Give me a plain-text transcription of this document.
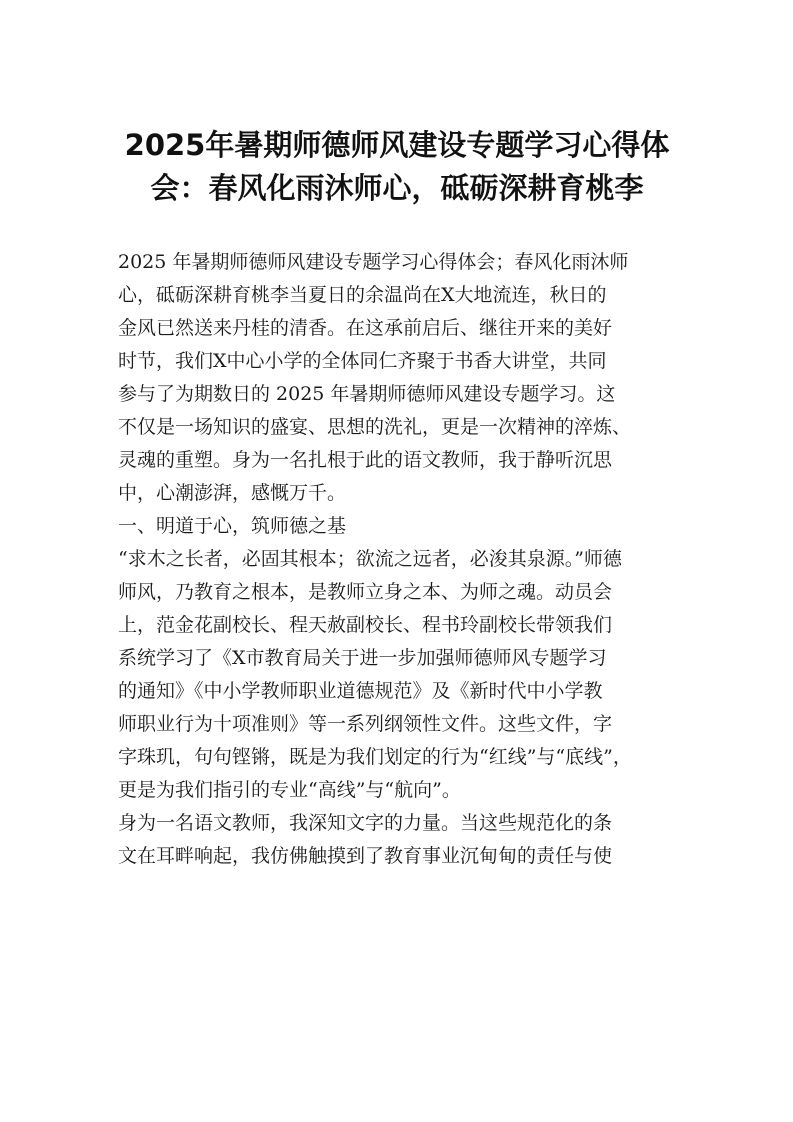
2025年暑期师德师风建设专题学习心得体
会：春风化雨沐师心，砥砺深耕育桃李

2025 年暑期师德师风建设专题学习心得体会；春风化雨沐师
心，砥砺深耕育桃李当夏日的余温尚在X大地流连，秋日的
金风已然送来丹桂的清香。在这承前启后、继往开来的美好
时节，我们X中心小学的全体同仁齐聚于书香大讲堂，共同
参与了为期数日的 2025 年暑期师德师风建设专题学习。这
不仅是一场知识的盛宴、思想的洗礼，更是一次精神的淬炼、
灵魂的重塑。身为一名扎根于此的语文教师，我于静听沉思
中，心潮澎湃，感慨万千。

一、明道于心，筑师德之基

“求木之长者，必固其根本；欲流之远者，必浚其泉源。”师德
师风，乃教育之根本，是教师立身之本、为师之魂。动员会
上，范金花副校长、程天赦副校长、程书玲副校长带领我们
系统学习了《X市教育局关于进一步加强师德师风专题学习
的通知》《中小学教师职业道德规范》及《新时代中小学教
师职业行为十项准则》等一系列纲领性文件。这些文件，字
字珠玑，句句铿锵，既是为我们划定的行为“红线”与“底线”，
更是为我们指引的专业“高线”与“航向”。

身为一名语文教师，我深知文字的力量。当这些规范化的条
文在耳畔响起，我仿佛触摸到了教育事业沉甸甸的责任与使
